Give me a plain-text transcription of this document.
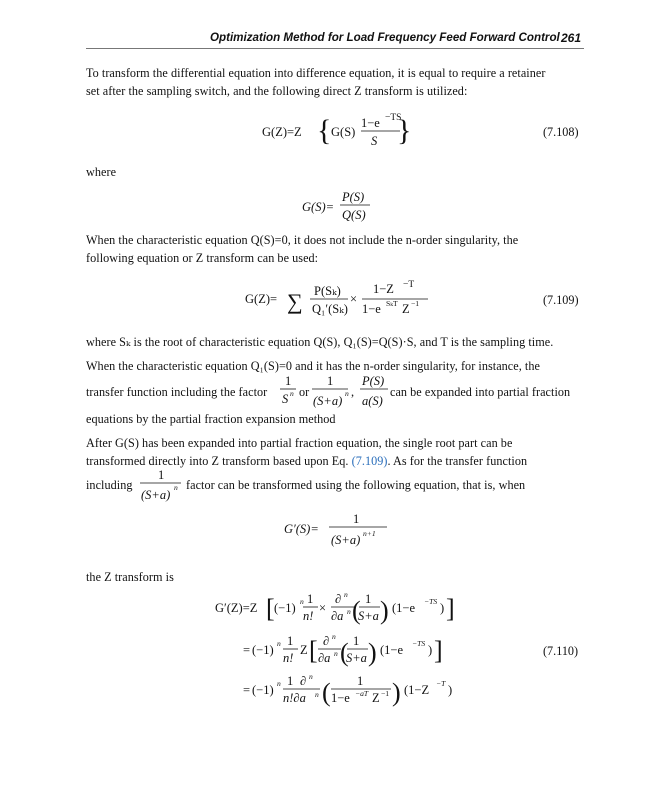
Optimization Method for Load Frequency Feed Forward Control 261
To transform the differential equation into difference equation, it is equal to require a retainer
set after the sampling switch, and the following direct Z transform is utilized:
G(Z)=Z { G(S)
1−e −TS
S }	(7.108)
where
G(S)=
P(S)
Q(S)
When the characteristic equation Q(S)=0, it does not include the n-order singularity, the
following equation or Z transform can be used:
G(Z)= ∑ P(Sₖ)
Q₁′(Sₖ)
×
1−Z −T
1−e SₖT Z −1	(7.109)
where Sₖ is the root of characteristic equation Q(S), Q₁(S)=Q(S)·S, and T is the sampling time.
When the characteristic equation Q₁(S)=0 and it has the n-order singularity, for instance, the
transfer function including the factor	or	can be expanded into partial fraction
1
S n
1
(S+a)
n ,
P(S)
a(S)
equations by the partial fraction expansion method
After G(S) has been expanded into partial fraction equation, the single root part can be
transformed directly into Z transform based upon Eq. (7.109). As for the transfer function
including	factor can be transformed using the following equation, that is, when
1
(S+a)
n
G′(S)=
1
(S+a) n+1
the Z transform is
G′(Z)=Z [ (−1) n 1
n!
×
∂ n
∂a n ( 1
S+a ) (1−e −TS ) ]
= (−1) n 1
n!
Z [ ∂ n
∂a n ( 1
S+a ) (1−e −TS ) ]
= (−1) n 1 ∂ n
n!∂a n ( 1
1−e −aT Z −1 ) (1−Z −T )
(7.110)
